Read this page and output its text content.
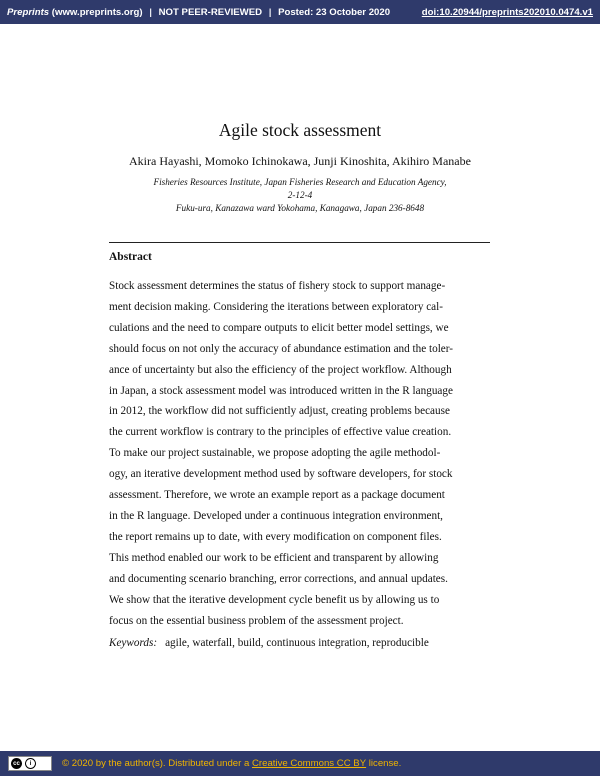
Preprints (www.preprints.org) | NOT PEER-REVIEWED | Posted: 23 October 2020	doi:10.20944/preprints202010.0474.v1
Agile stock assessment
Akira Hayashi, Momoko Ichinokawa, Junji Kinoshita, Akihiro Manabe
Fisheries Resources Institute, Japan Fisheries Research and Education Agency, 2-12-4
Fuku-ura, Kanazawa ward Yokohama, Kanagawa, Japan 236-8648
Abstract
Stock assessment determines the status of fishery stock to support manage-
ment decision making. Considering the iterations between exploratory cal-
culations and the need to compare outputs to elicit better model settings, we
should focus on not only the accuracy of abundance estimation and the toler-
ance of uncertainty but also the efficiency of the project workflow. Although
in Japan, a stock assessment model was introduced written in the R language
in 2012, the workflow did not sufficiently adjust, creating problems because
the current workflow is contrary to the principles of effective value creation.
To make our project sustainable, we propose adopting the agile methodol-
ogy, an iterative development method used by software developers, for stock
assessment. Therefore, we wrote an example report as a package document
in the R language. Developed under a continuous integration environment,
the report remains up to date, with every modification on component files.
This method enabled our work to be efficient and transparent by allowing
and documenting scenario branching, error corrections, and annual updates.
We show that the iterative development cycle benefit us by allowing us to
focus on the essential business problem of the assessment project.
Keywords: agile, waterfall, build, continuous integration, reproducible
cc	i	© 2020 by the author(s). Distributed under a
Creative Commons CC BY
license.
